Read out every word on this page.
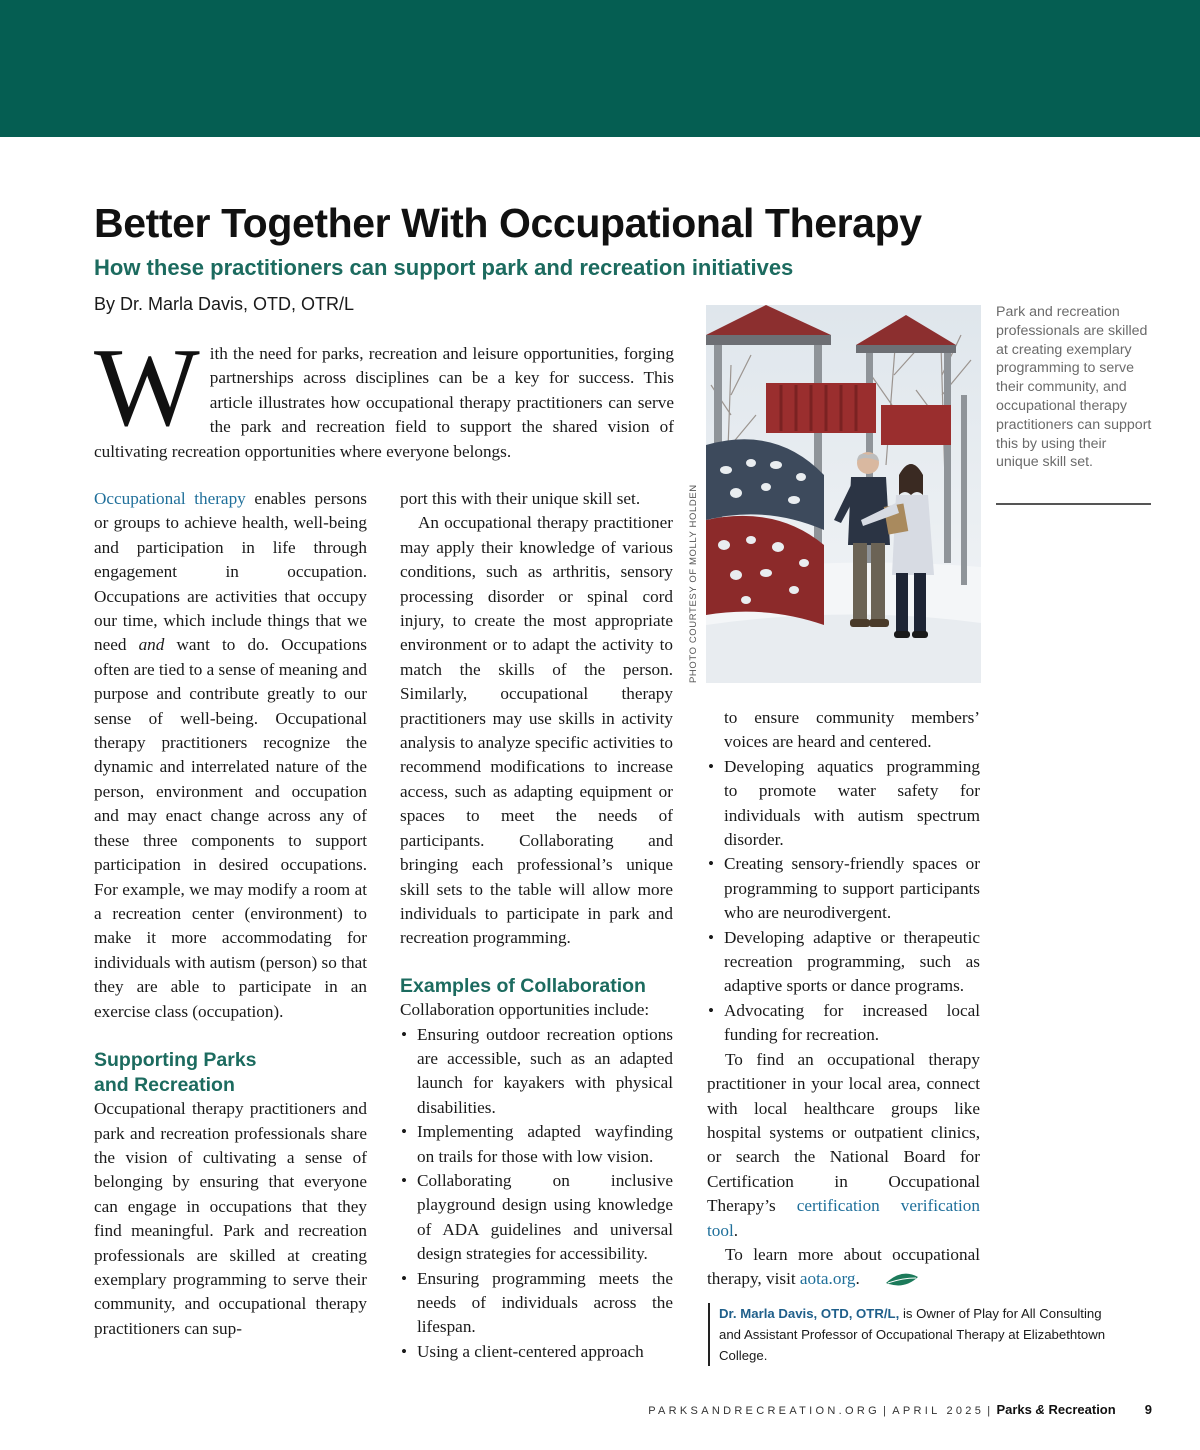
Better Together With Occupational Therapy
How these practitioners can support park and recreation initiatives
By Dr. Marla Davis, OTD, OTR/L
With the need for parks, recreation and leisure opportunities, forging partnerships across disciplines can be a key for success. This article illustrates how occupational therapy practitioners can serve the park and recreation field to support the shared vision of cultivating recreation opportunities where everyone belongs.

Occupational therapy enables persons or groups to achieve health, well-being and participation in life through engagement in occupation. Occupations are activities that occupy our time, which include things that we need and want to do. Occupations often are tied to a sense of meaning and purpose and contribute greatly to our sense of well-being. Occupational therapy practitioners recognize the dynamic and interrelated nature of the person, environment and occupation and may enact change across any of these three components to support participation in desired occupations. For example, we may modify a room at a recreation center (environment) to make it more accommodating for individuals with autism (person) so that they are able to participate in an exercise class (occupation).

Supporting Parks
and Recreation

Occupational therapy practitioners and park and recreation professionals share the vision of cultivating a sense of belonging by ensuring that everyone can engage in occupations that they find meaningful. Park and recreation professionals are skilled at creating exemplary programming to serve their community, and occupational therapy practitioners can sup-

port this with their unique skill set.

An occupational therapy practitioner may apply their knowledge of various conditions, such as arthritis, sensory processing disorder or spinal cord injury, to create the most appropriate environment or to adapt the activity to match the skills of the person. Similarly, occupational therapy practitioners may use skills in activity analysis to analyze specific activities to recommend modifications to increase access, such as adapting equipment or spaces to meet the needs of participants. Collaborating and bringing each professional’s unique skill sets to the table will allow more individuals to participate in park and recreation programming.

Examples of Collaboration

Collaboration opportunities include:

• Ensuring outdoor recreation options are accessible, such as an adapted launch for kayakers with physical disabilities.
• Implementing adapted wayfinding on trails for those with low vision.
• Collaborating on inclusive playground design using knowledge of ADA guidelines and universal design strategies for accessibility.
• Ensuring programming meets the needs of individuals across the lifespan.
• Using a client-centered approach
PHOTO COURTESY OF MOLLY HOLDEN
Park and recreation professionals are skilled at creating exemplary programming to serve their community, and occupational therapy practitioners can support this by using their unique skill set.
to ensure community members’ voices are heard and centered.
• Developing aquatics programming to promote water safety for individuals with autism spectrum disorder.
• Creating sensory-friendly spaces or programming to support participants who are neurodivergent.
• Developing adaptive or therapeutic recreation programming, such as adaptive sports or dance programs.
• Advocating for increased local funding for recreation.

To find an occupational therapy practitioner in your local area, connect with local healthcare groups like hospital systems or outpatient clinics, or search the National Board for Certification in Occupational Therapy’s certification verification tool.

To learn more about occupational therapy, visit aota.org.

Dr. Marla Davis, OTD, OTR/L, is Owner of Play for All Consulting and Assistant Professor of Occupational Therapy at Elizabethtown College.
PARKSANDRECREATION.ORG | APRIL 2025 | Parks & Recreation 9
